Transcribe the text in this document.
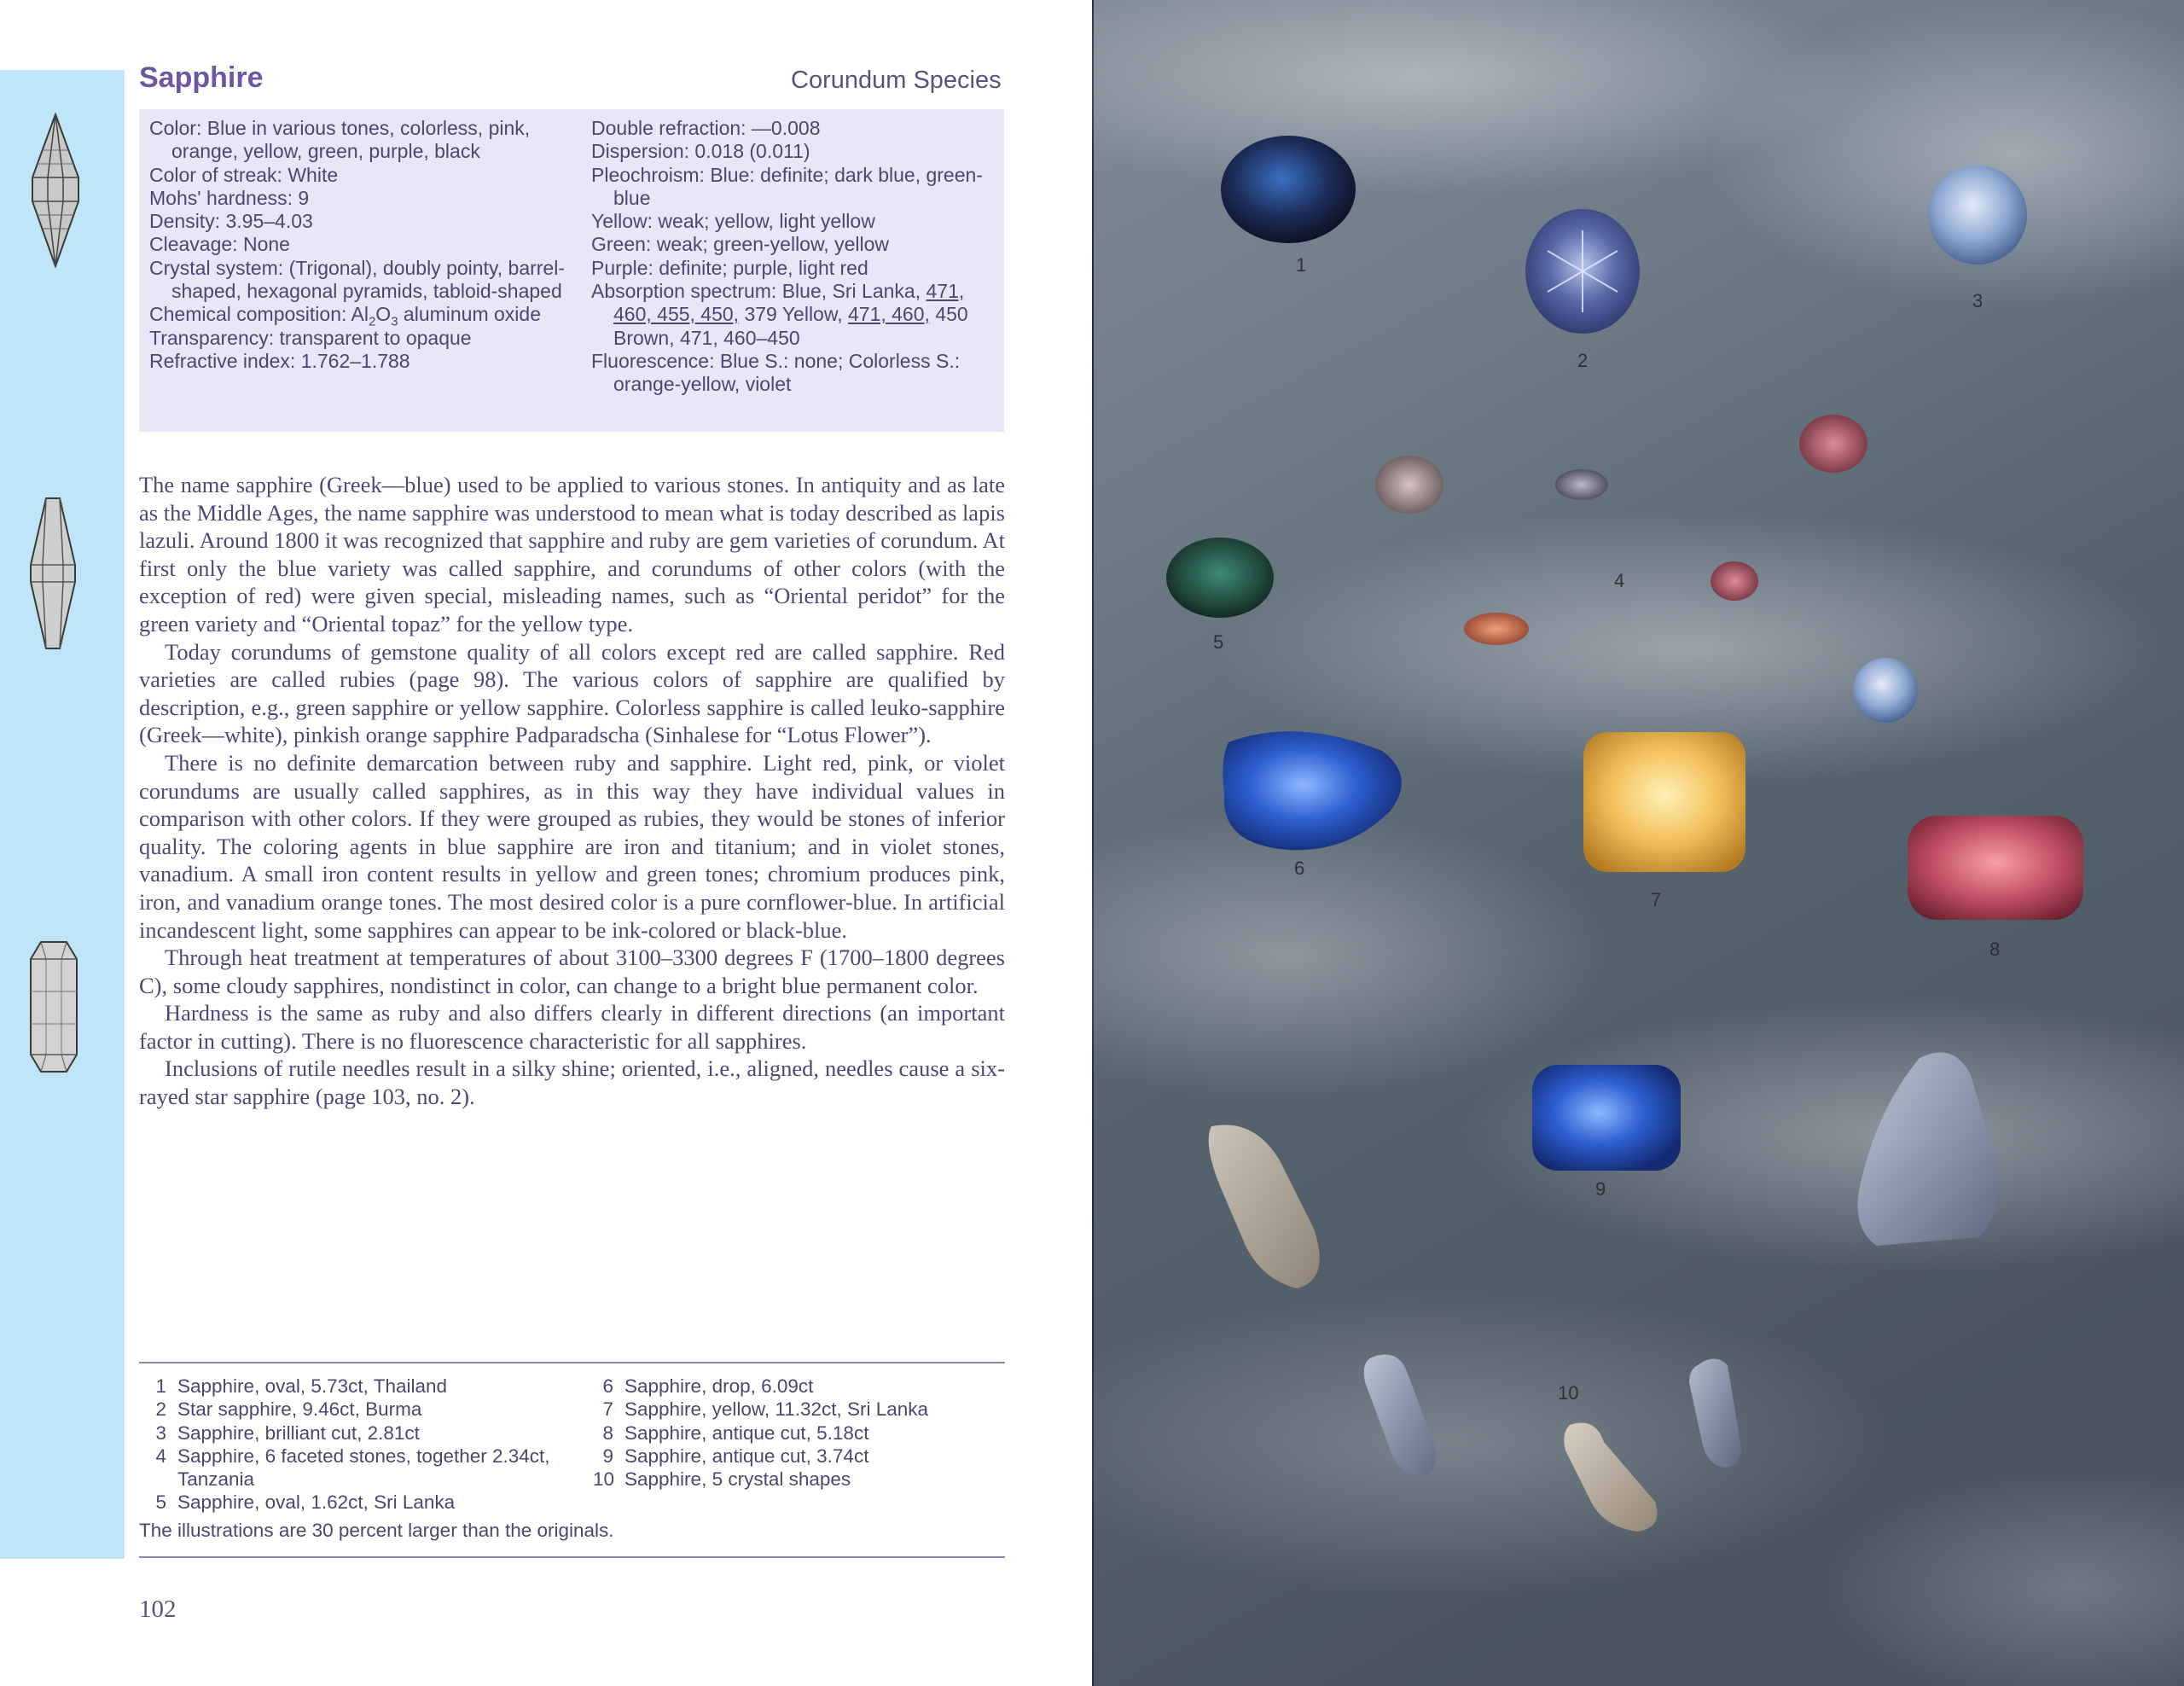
Sapphire	Corundum Species
Color: Blue in various tones, colorless, pink, orange, yellow, green, purple, black
Color of streak: White
Mohs' hardness: 9
Density: 3.95–4.03
Cleavage: None
Crystal system: (Trigonal), doubly pointy, barrel-shaped, hexagonal pyramids, tabloid-shaped
Chemical composition: $Al_2O_3$ aluminum oxide
Transparency: transparent to opaque
Refractive index: 1.762–1.788
Double refraction: —0.008
Dispersion: 0.018 (0.011)
Pleochroism: Blue: definite; dark blue, green-blue
Yellow: weak; yellow, light yellow
Green: weak; green-yellow, yellow
Purple: definite; purple, light red
Absorption spectrum: Blue, Sri Lanka, 471, 460, 455, 450, 379 Yellow, 471, 460, 450 Brown, 471, 460–450
Fluorescence: Blue S.: none; Colorless S.: orange-yellow, violet

The name sapphire (Greek—blue) used to be applied to various stones. In antiquity and as late as the Middle Ages, the name sapphire was understood to mean what is today described as lapis lazuli. Around 1800 it was recognized that sapphire and ruby are gem varieties of corundum. At first only the blue variety was called sapphire, and corundums of other colors (with the exception of red) were given special, misleading names, such as “Oriental peridot” for the green variety and “Oriental topaz” for the yellow type.

Today corundums of gemstone quality of all colors except red are called sapphire. Red varieties are called rubies (page 98). The various colors of sapphire are qualified by description, e.g., green sapphire or yellow sapphire. Colorless sapphire is called leuko-sapphire (Greek—white), pinkish orange sapphire Padparadscha (Sinhalese for “Lotus Flower”).

There is no definite demarcation between ruby and sapphire. Light red, pink, or violet corundums are usually called sapphires, as in this way they have individual values in comparison with other colors. If they were grouped as rubies, they would be stones of inferior quality. The coloring agents in blue sapphire are iron and titanium; and in violet stones, vanadium. A small iron content results in yellow and green tones; chromium produces pink, iron, and vanadium orange tones. The most desired color is a pure cornflower-blue. In artificial incandescent light, some sapphires can appear to be ink-colored or black-blue.

Through heat treatment at temperatures of about 3100–3300 degrees F (1700–1800 degrees C), some cloudy sapphires, nondistinct in color, can change to a bright blue permanent color.

Hardness is the same as ruby and also differs clearly in different directions (an important factor in cutting). There is no fluorescence characteristic for all sapphires.

Inclusions of rutile needles result in a silky shine; oriented, i.e., aligned, needles cause a six-rayed star sapphire (page 103, no. 2).

1 Sapphire, oval, 5.73ct, Thailand
2 Star sapphire, 9.46ct, Burma
3 Sapphire, brilliant cut, 2.81ct
4 Sapphire, 6 faceted stones, together 2.34ct, Tanzania
5 Sapphire, oval, 1.62ct, Sri Lanka
6 Sapphire, drop, 6.09ct
7 Sapphire, yellow, 11.32ct, Sri Lanka
8 Sapphire, antique cut, 5.18ct
9 Sapphire, antique cut, 3.74ct
10 Sapphire, 5 crystal shapes
The illustrations are 30 percent larger than the originals.
102
1
2
3
4
5
6
7
8
9
10
